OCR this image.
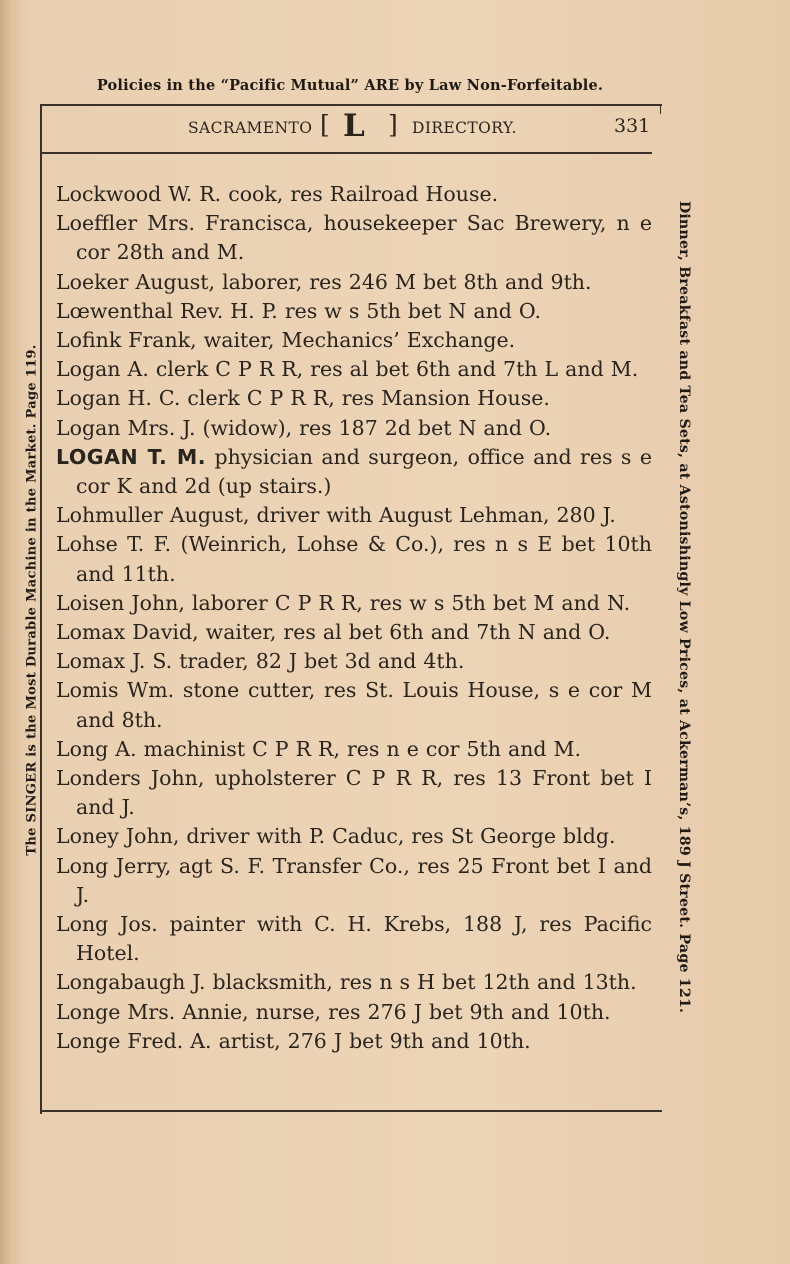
Policies in the “Pacific Mutual” ARE by Law Non-Forfeitable.
The SINGER is the Most Durable Machine in the Market. Page 119.	Dinner, Breakfast and Tea Sets, at Astonishingly Low Prices, at Ackerman’s, 189 J Street. Page 121.
SACRAMENTO [ L ] DIRECTORY.	331
Lockwood W. R. cook, res Railroad House.
Loeffler Mrs. Francisca, housekeeper Sac Brewery, n e cor 28th and M.
Loeker August, laborer, res 246 M bet 8th and 9th.
Lœwenthal Rev. H. P. res w s 5th bet N and O.
Lofink Frank, waiter, Mechanics’ Exchange.
Logan A. clerk C P R R, res al bet 6th and 7th L and M.
Logan H. C. clerk C P R R, res Mansion House.
Logan Mrs. J. (widow), res 187 2d bet N and O.
LOGAN T. M. physician and surgeon, office and res s e cor K and 2d (up stairs.)
Lohmuller August, driver with August Lehman, 280 J.
Lohse T. F. (Weinrich, Lohse & Co.), res n s E bet 10th and 11th.
Loisen John, laborer C P R R, res w s 5th bet M and N.
Lomax David, waiter, res al bet 6th and 7th N and O.
Lomax J. S. trader, 82 J bet 3d and 4th.
Lomis Wm. stone cutter, res St. Louis House, s e cor M and 8th.
Long A. machinist C P R R, res n e cor 5th and M.
Londers John, upholsterer C P R R, res 13 Front bet I and J.
Loney John, driver with P. Caduc, res St George bldg.
Long Jerry, agt S. F. Transfer Co., res 25 Front bet I and J.
Long Jos. painter with C. H. Krebs, 188 J, res Pacific Hotel.
Longabaugh J. blacksmith, res n s H bet 12th and 13th.
Longe Mrs. Annie, nurse, res 276 J bet 9th and 10th.
Longe Fred. A. artist, 276 J bet 9th and 10th.
